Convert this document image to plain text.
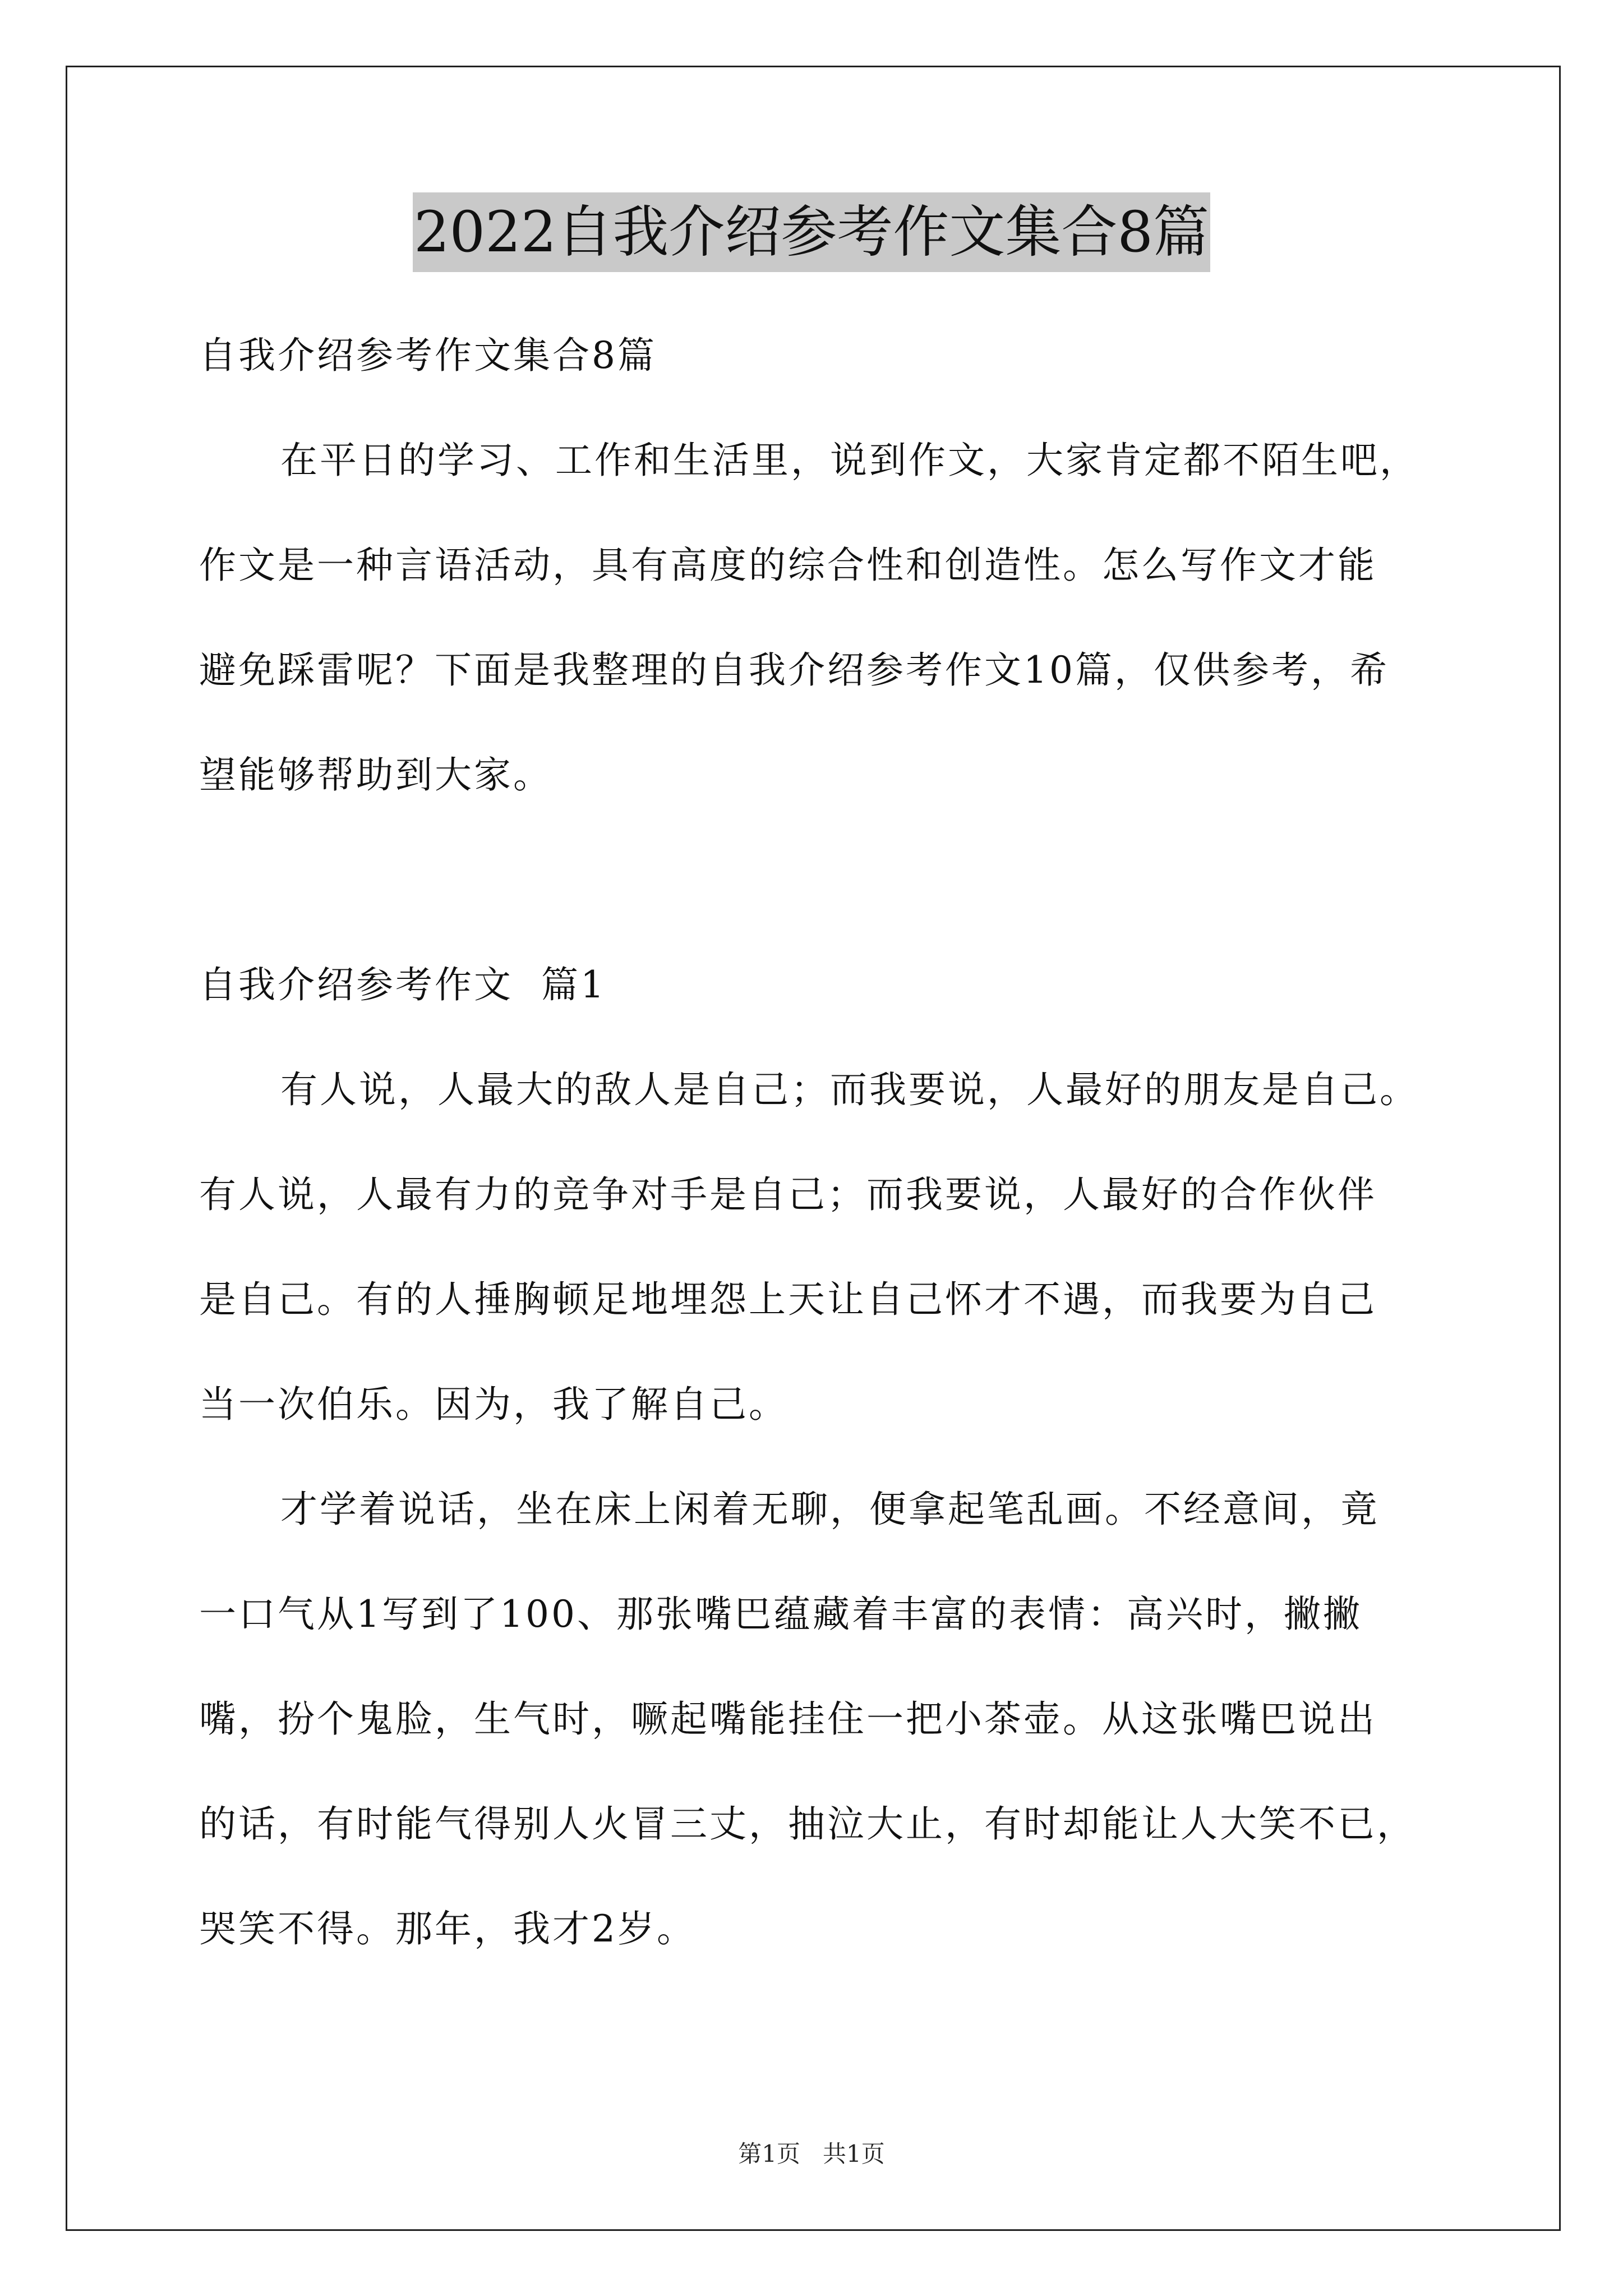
2022自我介绍参考作文集合8篇
自我介绍参考作文集合8篇
在平日的学习、工作和生活里，说到作文，大家肯定都不陌生吧，
作文是一种言语活动，具有高度的综合性和创造性。怎么写作文才能
避免踩雷呢？下面是我整理的自我介绍参考作文10篇，仅供参考，希
望能够帮助到大家。
自我介绍参考作文  篇1
有人说，人最大的敌人是自己；而我要说，人最好的朋友是自己。
有人说，人最有力的竞争对手是自己；而我要说，人最好的合作伙伴
是自己。有的人捶胸顿足地埋怨上天让自己怀才不遇，而我要为自己
当一次伯乐。因为，我了解自己。
才学着说话，坐在床上闲着无聊，便拿起笔乱画。不经意间，竟
一口气从1写到了100、那张嘴巴蕴藏着丰富的表情：高兴时，撇撇
嘴，扮个鬼脸，生气时，噘起嘴能挂住一把小茶壶。从这张嘴巴说出
的话，有时能气得别人火冒三丈，抽泣大止，有时却能让人大笑不已，
哭笑不得。那年，我才2岁。
第1页   共1页
